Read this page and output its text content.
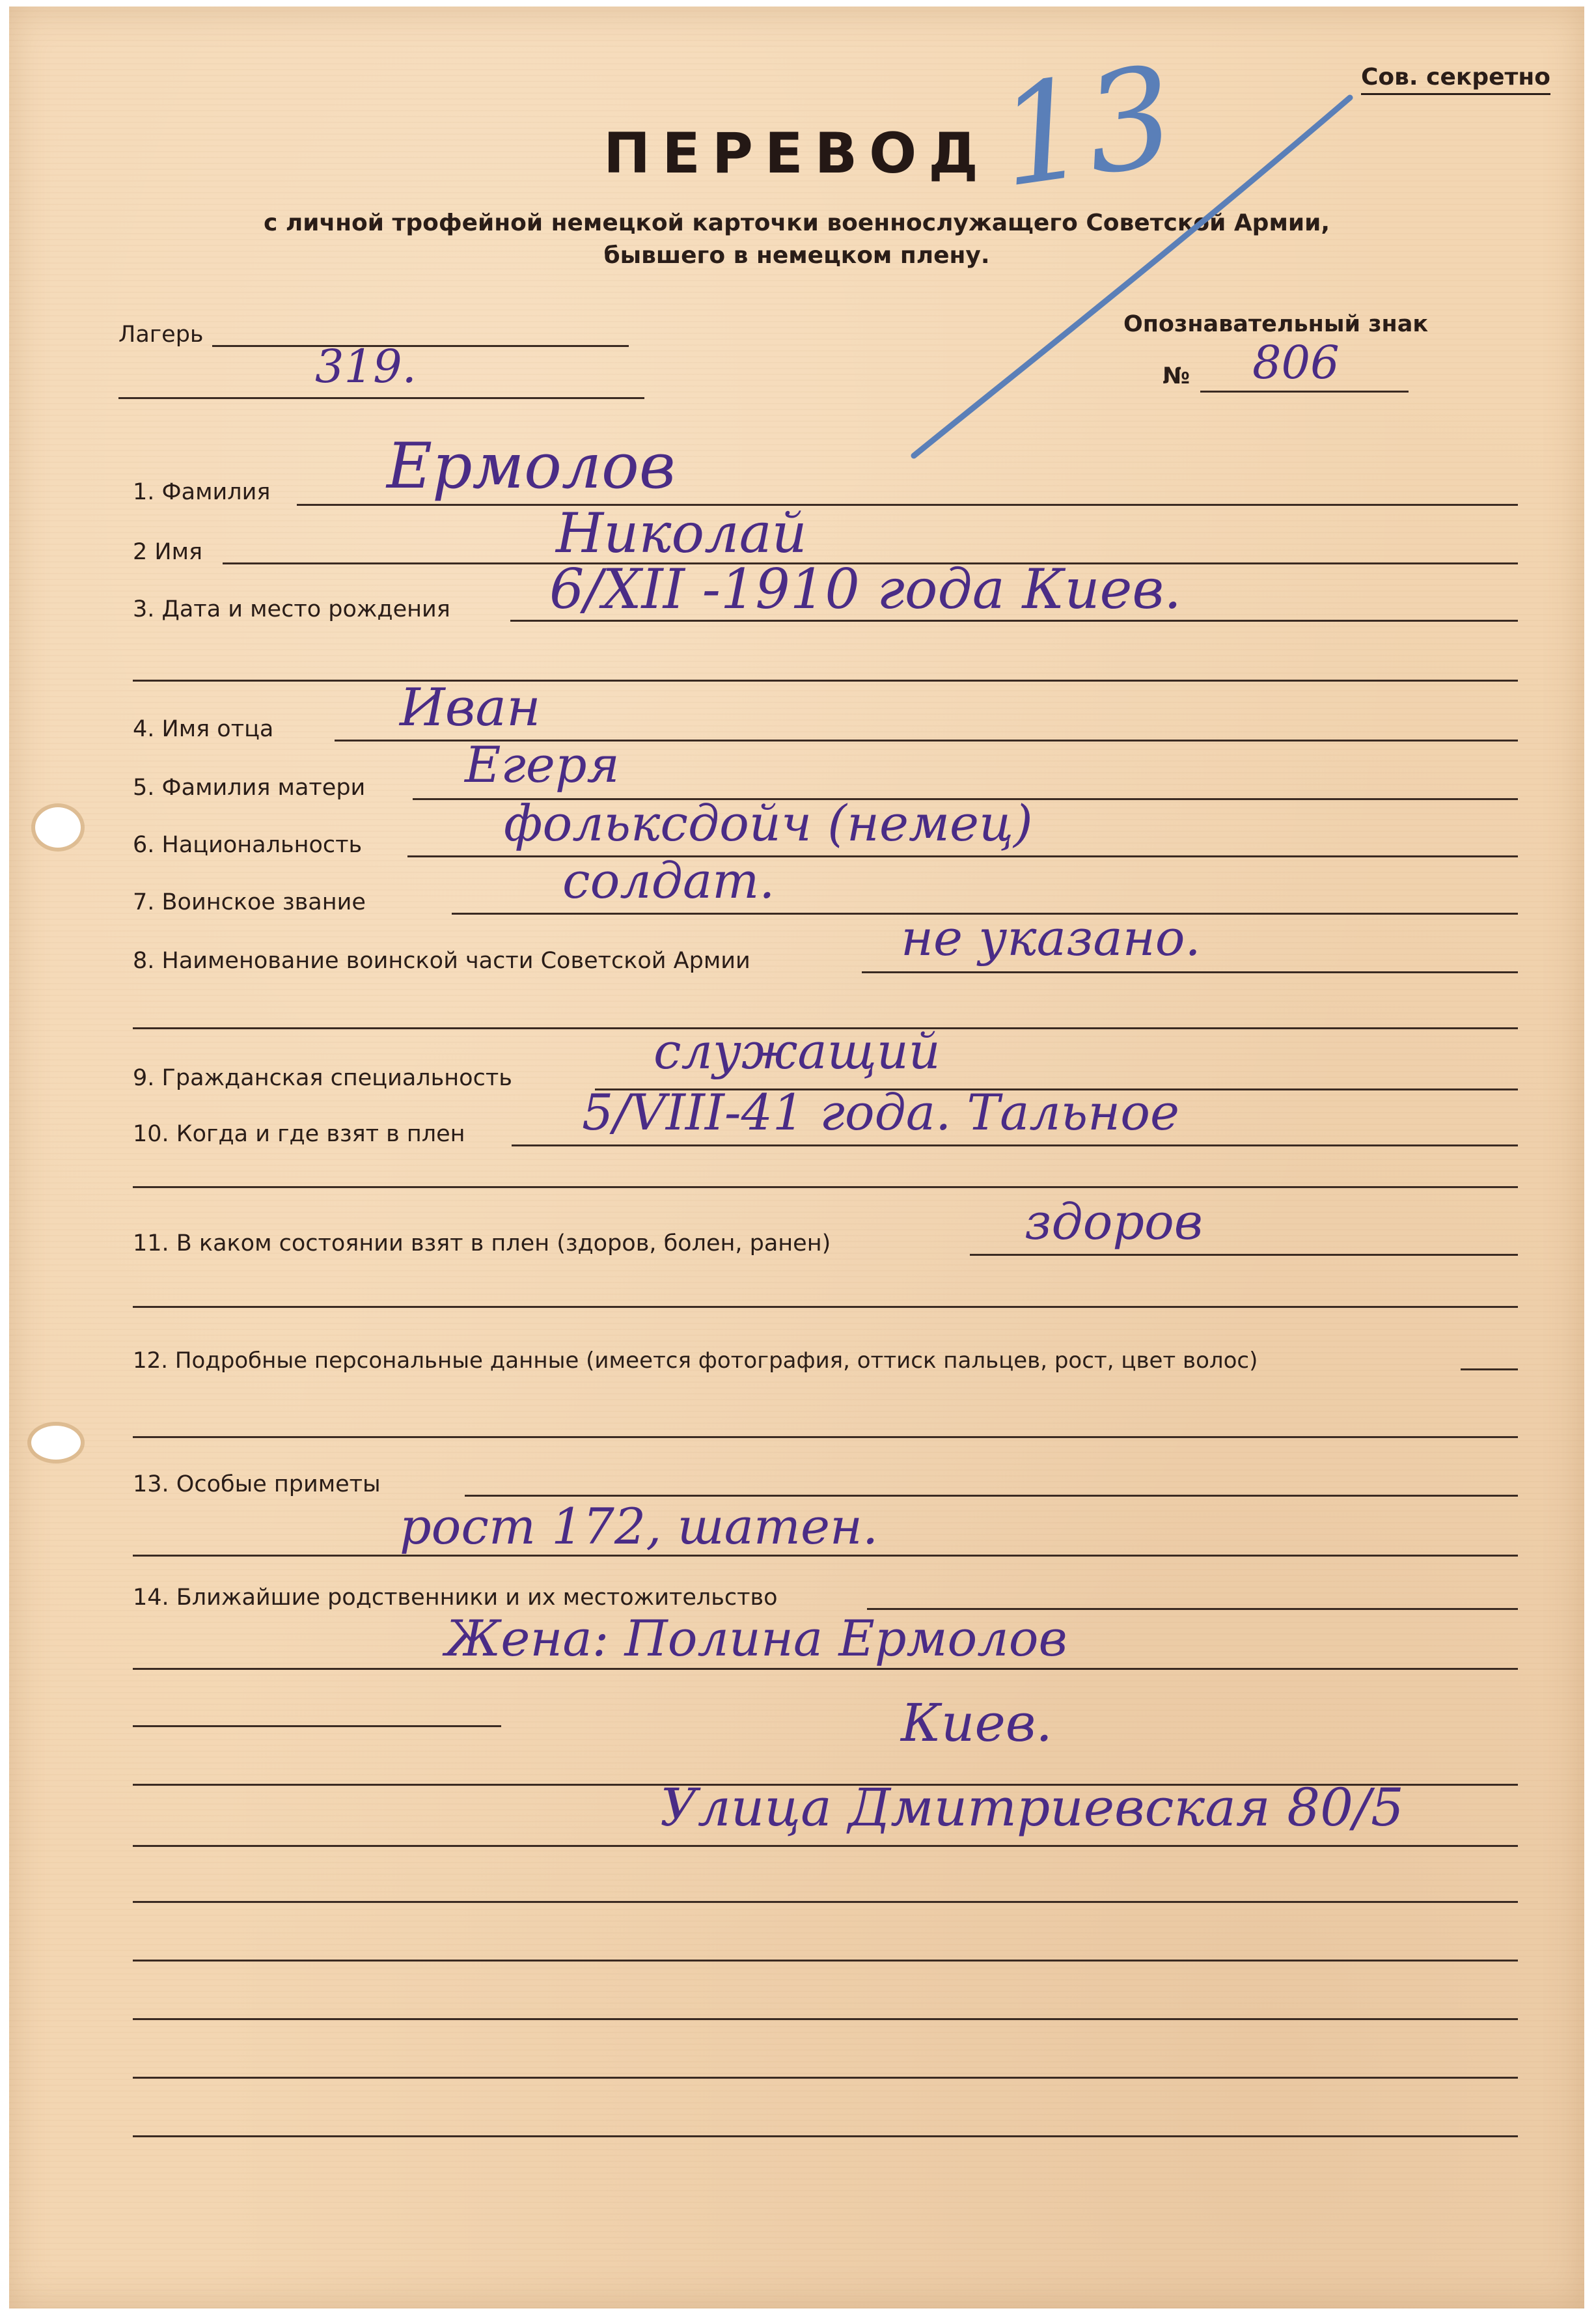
Сов. секретно
ПЕРЕВОД
с личной трофейной немецкой карточки военнослужащего Советской Армии,
бывшего в немецком плену.
13
Лагерь
319.
Опознавательный знак
№ 806
1. Фамилия Ермолов
2 Имя	Николай
3. Дата и место рождения 6/XII -1910 года Киев.
4. Имя отца Иван
5. Фамилия матери Егеря
6. Национальность	фольксдойч (немец)
7. Воинское звание	солдат.
8. Наименование воинской части Советской Армии	не указано.
9. Гражданская специальность	служащий
10. Когда и где взят в плен 5/VIII-41 года. Тальное
11. В каком состоянии взят в плен (здоров, болен, ранен)	здоров
12. Подробные персональные данные (имеется фотография, оттиск пальцев, рост, цвет волос)
13. Особые приметы
рост 172, шатен.
14. Ближайшие родственники и их местожительство
Жена: Полина Ермолов
Киев.
Улица Дмитриевская 80/5
